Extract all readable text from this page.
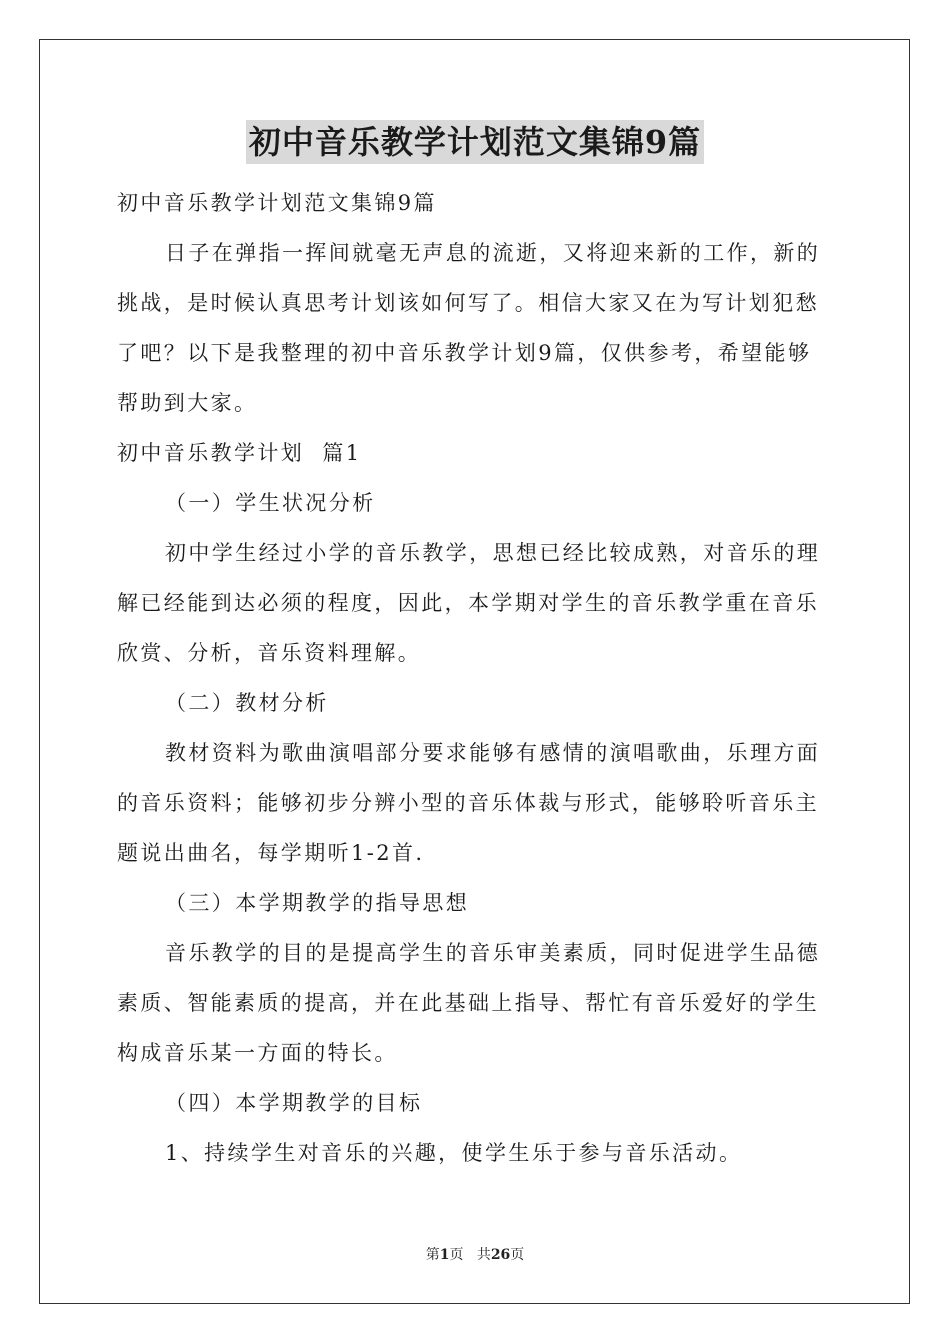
初中音乐教学计划范文集锦9篇

初中音乐教学计划范文集锦9篇

日子在弹指一挥间就毫无声息的流逝，又将迎来新的工作，新的

挑战，是时候认真思考计划该如何写了。相信大家又在为写计划犯愁

了吧？以下是我整理的初中音乐教学计划9篇，仅供参考，希望能够

帮助到大家。

初中音乐教学计划  篇1

（一）学生状况分析

初中学生经过小学的音乐教学，思想已经比较成熟，对音乐的理

解已经能到达必须的程度，因此，本学期对学生的音乐教学重在音乐

欣赏、分析，音乐资料理解。

（二）教材分析

教材资料为歌曲演唱部分要求能够有感情的演唱歌曲，乐理方面

的音乐资料；能够初步分辨小型的音乐体裁与形式，能够聆听音乐主

题说出曲名，每学期听1-2首.

（三）本学期教学的指导思想

音乐教学的目的是提高学生的音乐审美素质，同时促进学生品德

素质、智能素质的提高，并在此基础上指导、帮忙有音乐爱好的学生

构成音乐某一方面的特长。

（四）本学期教学的目标

1、持续学生对音乐的兴趣，使学生乐于参与音乐活动。

第1页 共26页
